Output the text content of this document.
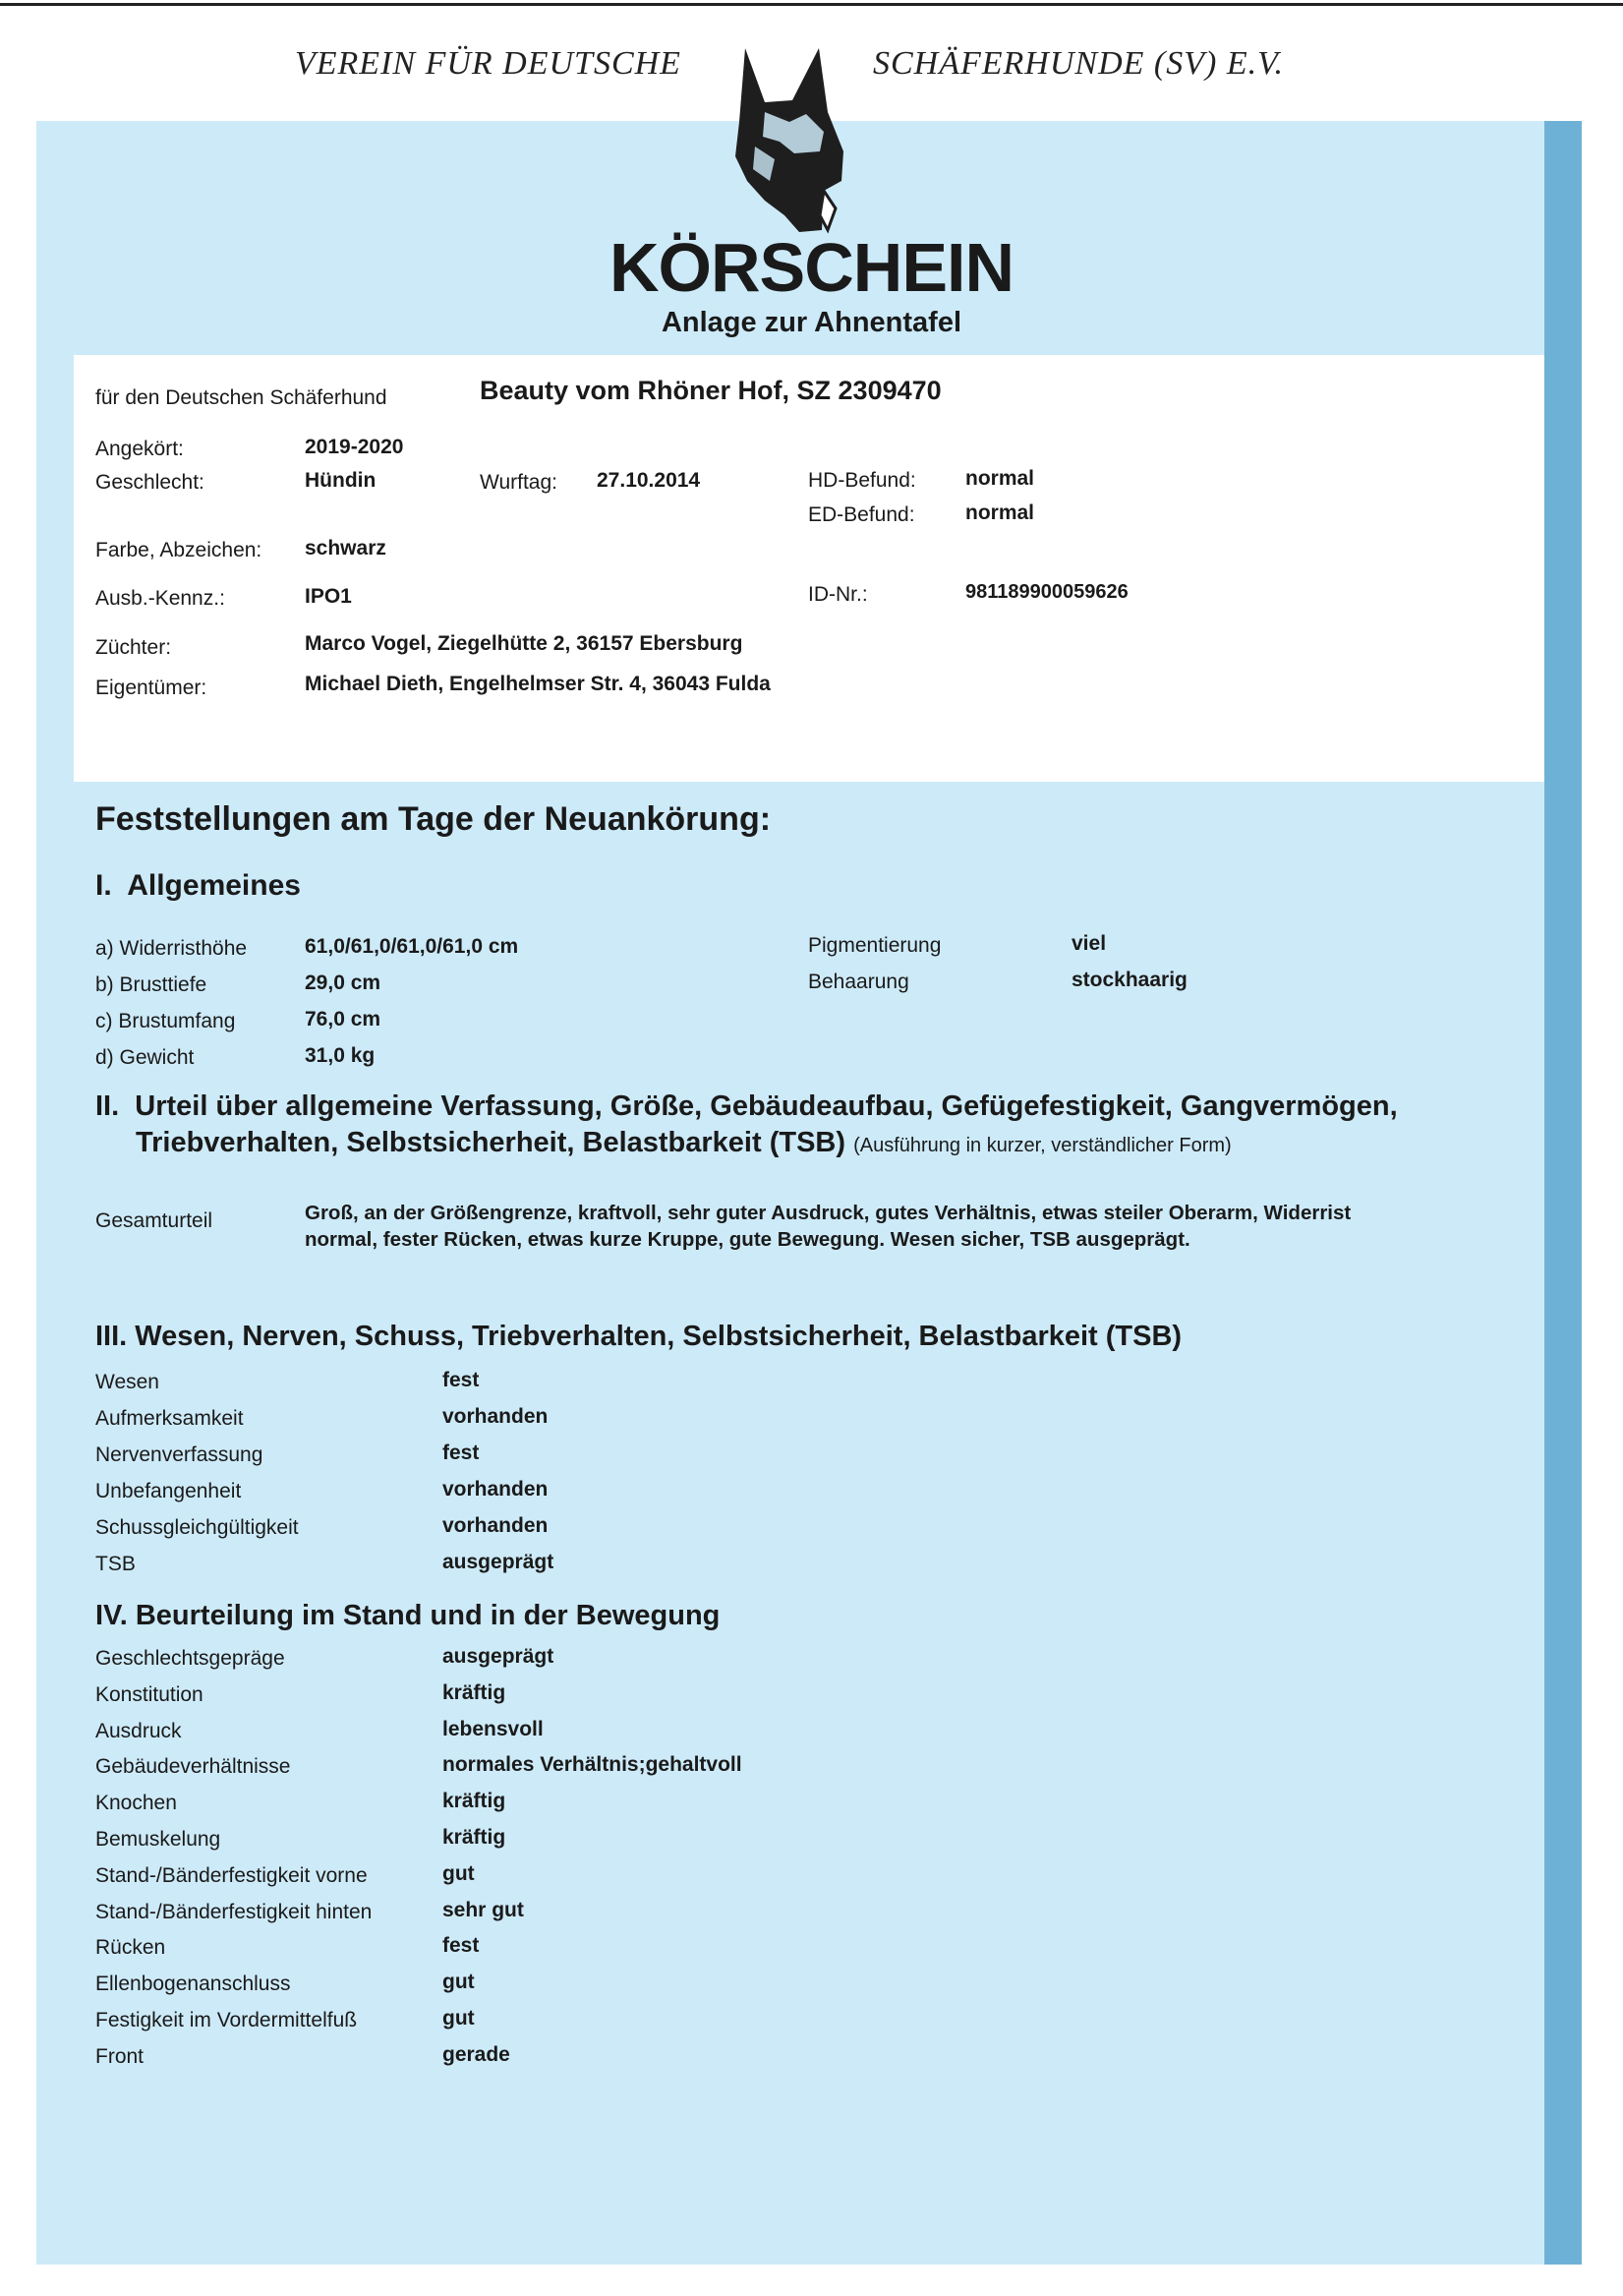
VEREIN FÜR DEUTSCHE	SCHÄFERHUNDE (SV) E.V.
KÖRSCHEIN
Anlage zur Ahnentafel
für den Deutschen Schäferhund	Beauty vom Rhöner Hof, SZ 2309470
Angekört:	2019-2020
Geschlecht:	Hündin	Wurftag: 27.10.2014	HD-Befund: normal
ED-Befund: normal
Farbe, Abzeichen: schwarz
Ausb.-Kennz.:	IPO1	ID-Nr.:	981189900059626
Züchter:	Marco Vogel, Ziegelhütte 2, 36157 Ebersburg
Eigentümer:	Michael Dieth, Engelhelmser Str. 4, 36043 Fulda
Feststellungen am Tage der Neuankörung:
I.  Allgemeines
a) Widerristhöhe	61,0/61,0/61,0/61,0 cm
b) Brusttiefe	29,0 cm
c) Brustumfang	76,0 cm
d) Gewicht	31,0 kg
Pigmentierung	viel
Behaarung	stockhaarig
II.  Urteil über allgemeine Verfassung, Größe, Gebäudeaufbau, Gefügefestigkeit, Gangvermögen,
Triebverhalten, Selbstsicherheit, Belastbarkeit (TSB) (Ausführung in kurzer, verständlicher Form)
Gesamturteil	Groß, an der Größengrenze, kraftvoll, sehr guter Ausdruck, gutes Verhältnis, etwas steiler Oberarm, Widerrist
normal, fester Rücken, etwas kurze Kruppe, gute Bewegung. Wesen sicher, TSB ausgeprägt.
III. Wesen, Nerven, Schuss, Triebverhalten, Selbstsicherheit, Belastbarkeit (TSB)
Wesen	fest
Aufmerksamkeit	vorhanden
Nervenverfassung	fest
Unbefangenheit	vorhanden
Schussgleichgültigkeit	vorhanden
TSB	ausgeprägt
IV. Beurteilung im Stand und in der Bewegung
Geschlechtsgepräge	ausgeprägt
Konstitution	kräftig
Ausdruck	lebensvoll
Gebäudeverhältnisse	normales Verhältnis;gehaltvoll
Knochen	kräftig
Bemuskelung	kräftig
Stand-/Bänderfestigkeit vorne	gut
Stand-/Bänderfestigkeit hinten	sehr gut
Rücken	fest
Ellenbogenanschluss	gut
Festigkeit im Vordermittelfuß	gut
Front	gerade
